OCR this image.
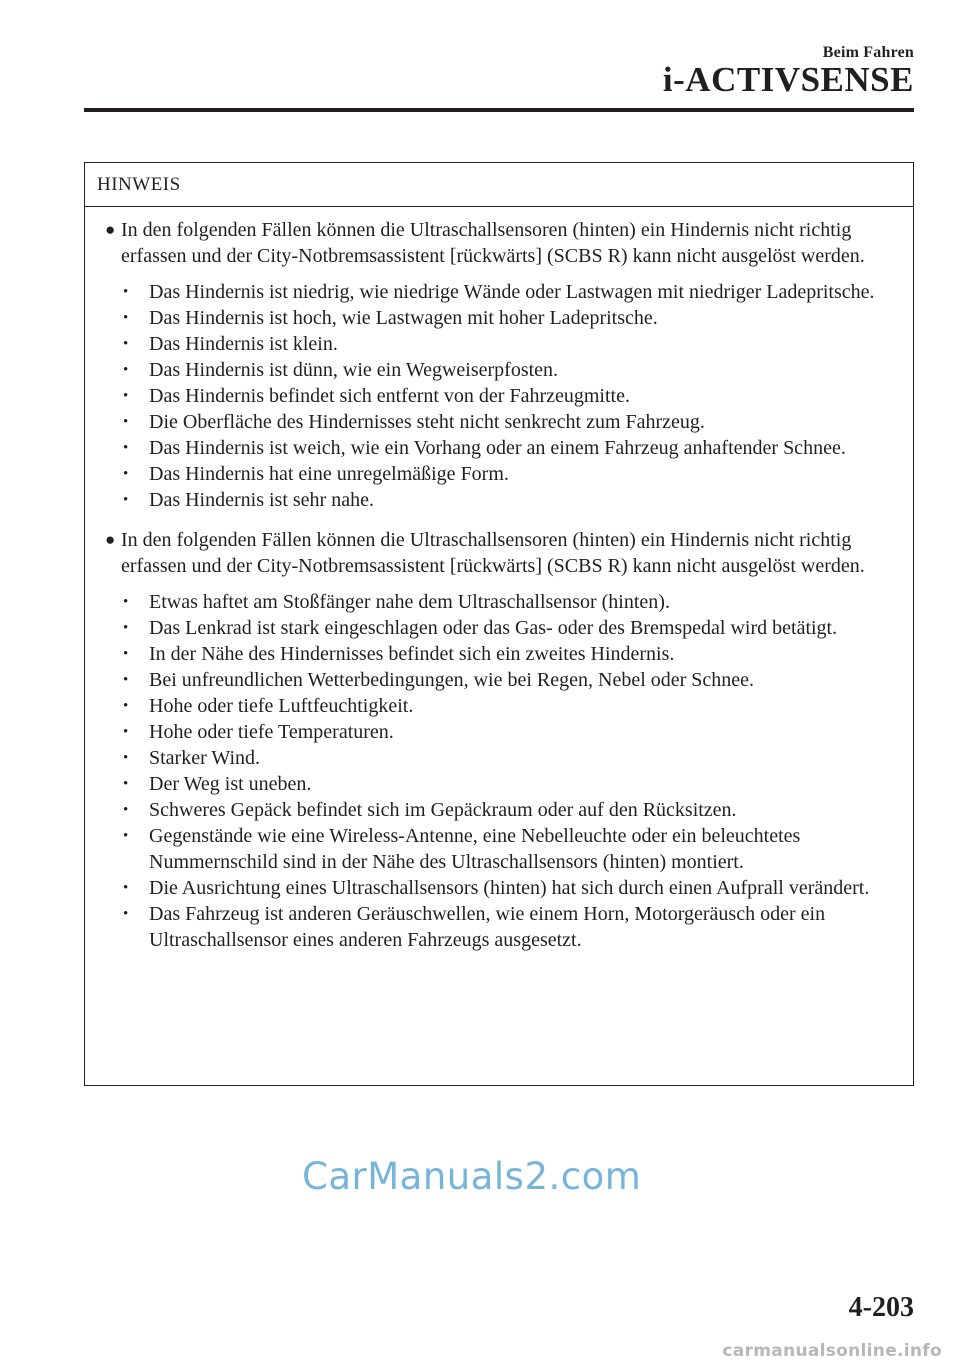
Beim Fahren
i-ACTIVSENSE
HINWEIS
● In den folgenden Fällen können die Ultraschallsensoren (hinten) ein Hindernis nicht richtig erfassen und der City-Notbremsassistent [rückwärts] (SCBS R) kann nicht ausgelöst werden.
• Das Hindernis ist niedrig, wie niedrige Wände oder Lastwagen mit niedriger Ladepritsche.
• Das Hindernis ist hoch, wie Lastwagen mit hoher Ladepritsche.
• Das Hindernis ist klein.
• Das Hindernis ist dünn, wie ein Wegweiserpfosten.
• Das Hindernis befindet sich entfernt von der Fahrzeugmitte.
• Die Oberfläche des Hindernisses steht nicht senkrecht zum Fahrzeug.
• Das Hindernis ist weich, wie ein Vorhang oder an einem Fahrzeug anhaftender Schnee.
• Das Hindernis hat eine unregelmäßige Form.
• Das Hindernis ist sehr nahe.
● In den folgenden Fällen können die Ultraschallsensoren (hinten) ein Hindernis nicht richtig erfassen und der City-Notbremsassistent [rückwärts] (SCBS R) kann nicht ausgelöst werden.
• Etwas haftet am Stoßfänger nahe dem Ultraschallsensor (hinten).
• Das Lenkrad ist stark eingeschlagen oder das Gas- oder des Bremspedal wird betätigt.
• In der Nähe des Hindernisses befindet sich ein zweites Hindernis.
• Bei unfreundlichen Wetterbedingungen, wie bei Regen, Nebel oder Schnee.
• Hohe oder tiefe Luftfeuchtigkeit.
• Hohe oder tiefe Temperaturen.
• Starker Wind.
• Der Weg ist uneben.
• Schweres Gepäck befindet sich im Gepäckraum oder auf den Rücksitzen.
• Gegenstände wie eine Wireless-Antenne, eine Nebelleuchte oder ein beleuchtetes Nummernschild sind in der Nähe des Ultraschallsensors (hinten) montiert.
• Die Ausrichtung eines Ultraschallsensors (hinten) hat sich durch einen Aufprall verändert.
• Das Fahrzeug ist anderen Geräuschwellen, wie einem Horn, Motorgeräusch oder ein Ultraschallsensor eines anderen Fahrzeugs ausgesetzt.
CarManuals2.com
4-203
carmanualsonline.info
